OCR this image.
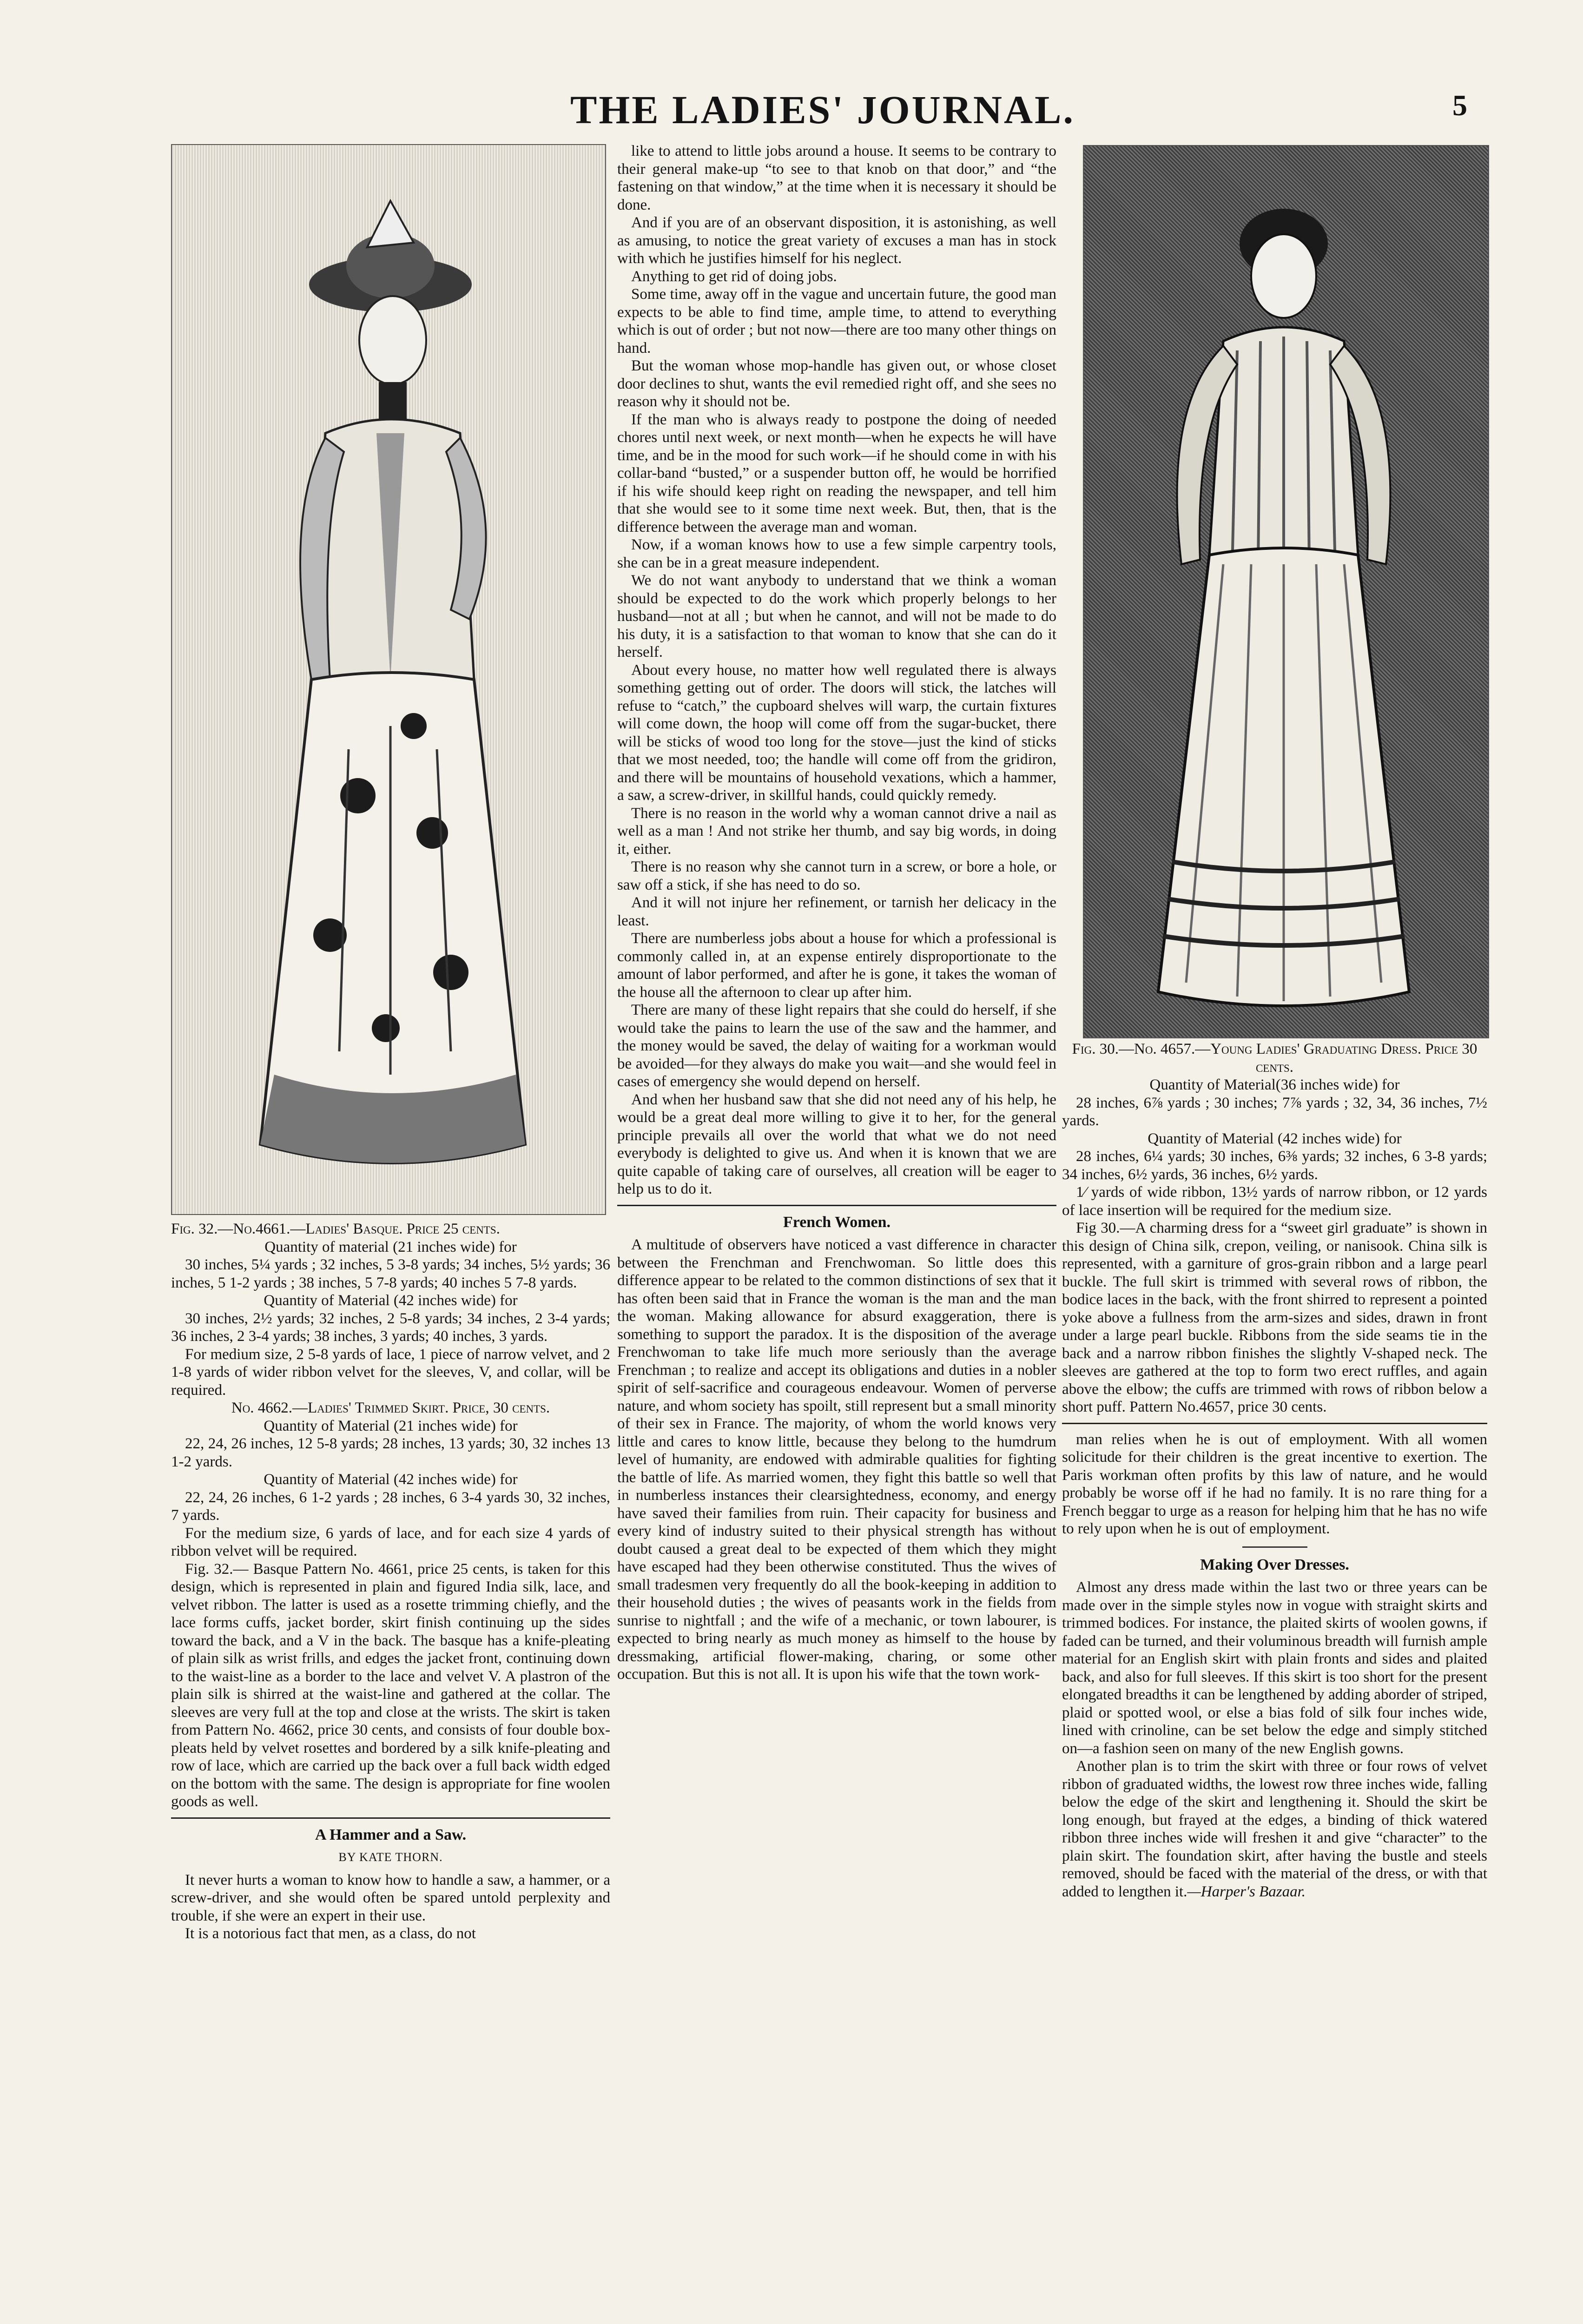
THE LADIES' JOURNAL.	5

Fig. 32.—No.4661.—Ladies' Basque. Price 25 cents.

Quantity of material (21 inches wide) for

30 inches, 5¼ yards ; 32 inches, 5 3-8 yards; 34 inches, 5½ yards; 36 inches, 5 1-2 yards ; 38 inches, 5 7-8 yards; 40 inches 5 7-8 yards.

Quantity of Material (42 inches wide) for

30 inches, 2½ yards; 32 inches, 2 5-8 yards; 34 inches, 2 3-4 yards; 36 inches, 2 3-4 yards; 38 inches, 3 yards; 40 inches, 3 yards.

For medium size, 2 5-8 yards of lace, 1 piece of narrow velvet, and 2 1-8 yards of wider ribbon velvet for the sleeves, V, and collar, will be required.

No. 4662.—Ladies' Trimmed Skirt. Price, 30 cents.

Quantity of Material (21 inches wide) for

22, 24, 26 inches, 12 5-8 yards; 28 inches, 13 yards; 30, 32 inches 13 1-2 yards.

Quantity of Material (42 inches wide) for

22, 24, 26 inches, 6 1-2 yards ; 28 inches, 6 3-4 yards 30, 32 inches, 7 yards.

For the medium size, 6 yards of lace, and for each size 4 yards of ribbon velvet will be required.

Fig. 32.— Basque Pattern No. 4661, price 25 cents, is taken for this design, which is represented in plain and figured India silk, lace, and velvet ribbon. The latter is used as a rosette trimming chiefly, and the lace forms cuffs, jacket border, skirt finish continuing up the sides toward the back, and a V in the back. The basque has a knife-pleating of plain silk as wrist frills, and edges the jacket front, continuing down to the waist-line as a border to the lace and velvet V. A plastron of the plain silk is shirred at the waist-line and gathered at the collar. The sleeves are very full at the top and close at the wrists. The skirt is taken from Pattern No. 4662, price 30 cents, and consists of four double box-pleats held by velvet rosettes and bordered by a silk knife-pleating and row of lace, which are carried up the back over a full back width edged on the bottom with the same. The design is appropriate for fine woolen goods as well.

A Hammer and a Saw.
BY KATE THORN.

It never hurts a woman to know how to handle a saw, a hammer, or a screw-driver, and she would often be spared untold perplexity and trouble, if she were an expert in their use.

It is a notorious fact that men, as a class, do not

like to attend to little jobs around a house. It seems to be contrary to their general make-up “to see to that knob on that door,” and “the fastening on that window,” at the time when it is necessary it should be done.

And if you are of an observant disposition, it is astonishing, as well as amusing, to notice the great variety of excuses a man has in stock with which he justifies himself for his neglect.

Anything to get rid of doing jobs.

Some time, away off in the vague and uncertain future, the good man expects to be able to find time, ample time, to attend to everything which is out of order ; but not now—there are too many other things on hand.

But the woman whose mop-handle has given out, or whose closet door declines to shut, wants the evil remedied right off, and she sees no reason why it should not be.

If the man who is always ready to postpone the doing of needed chores until next week, or next month—when he expects he will have time, and be in the mood for such work—if he should come in with his collar-band “busted,” or a suspender button off, he would be horrified if his wife should keep right on reading the newspaper, and tell him that she would see to it some time next week. But, then, that is the difference between the average man and woman.

Now, if a woman knows how to use a few simple carpentry tools, she can be in a great measure independent.

We do not want anybody to understand that we think a woman should be expected to do the work which properly belongs to her husband—not at all ; but when he cannot, and will not be made to do his duty, it is a satisfaction to that woman to know that she can do it herself.

About every house, no matter how well regulated there is always something getting out of order. The doors will stick, the latches will refuse to “catch,” the cupboard shelves will warp, the curtain fixtures will come down, the hoop will come off from the sugar-bucket, there will be sticks of wood too long for the stove—just the kind of sticks that we most needed, too; the handle will come off from the gridiron, and there will be mountains of household vexations, which a hammer, a saw, a screw-driver, in skillful hands, could quickly remedy.

There is no reason in the world why a woman cannot drive a nail as well as a man ! And not strike her thumb, and say big words, in doing it, either.

There is no reason why she cannot turn in a screw, or bore a hole, or saw off a stick, if she has need to do so.

And it will not injure her refinement, or tarnish her delicacy in the least.

There are numberless jobs about a house for which a professional is commonly called in, at an expense entirely disproportionate to the amount of labor performed, and after he is gone, it takes the woman of the house all the afternoon to clear up after him.

There are many of these light repairs that she could do herself, if she would take the pains to learn the use of the saw and the hammer, and the money would be saved, the delay of waiting for a workman would be avoided—for they always do make you wait—and she would feel in cases of emergency she would depend on herself.

And when her husband saw that she did not need any of his help, he would be a great deal more willing to give it to her, for the general principle prevails all over the world that what we do not need everybody is delighted to give us. And when it is known that we are quite capable of taking care of ourselves, all creation will be eager to help us to do it.

French Women.

A multitude of observers have noticed a vast difference in character between the Frenchman and Frenchwoman. So little does this difference appear to be related to the common distinctions of sex that it has often been said that in France the woman is the man and the man the woman. Making allowance for absurd exaggeration, there is something to support the paradox. It is the disposition of the average Frenchwoman to take life much more seriously than the average Frenchman ; to realize and accept its obligations and duties in a nobler spirit of self-sacrifice and courageous endeavour. Women of perverse nature, and whom society has spoilt, still represent but a small minority of their sex in France. The majority, of whom the world knows very little and cares to know little, because they belong to the humdrum level of humanity, are endowed with admirable qualities for fighting the battle of life. As married women, they fight this battle so well that in numberless instances their clearsightedness, economy, and energy have saved their families from ruin. Their capacity for business and every kind of industry suited to their physical strength has without doubt caused a great deal to be expected of them which they might have escaped had they been otherwise constituted. Thus the wives of small tradesmen very frequently do all the book-keeping in addition to their household duties ; the wives of peasants work in the fields from sunrise to nightfall ; and the wife of a mechanic, or town labourer, is expected to bring nearly as much money as himself to the house by dressmaking, artificial flower-making, charing, or some other occupation. But this is not all. It is upon his wife that the town work-

Fig. 30.—No. 4657.—Young Ladies' Graduating Dress. Price 30 cents.

Quantity of Material(36 inches wide) for

28 inches, 6⅞ yards ; 30 inches; 7⅞ yards ; 32, 34, 36 inches, 7½ yards.

Quantity of Material (42 inches wide) for

28 inches, 6¼ yards; 30 inches, 6⅜ yards; 32 inches, 6 3-8 yards; 34 inches, 6½ yards, 36 inches, 6½ yards.

1⁄ yards of wide ribbon, 13½ yards of narrow ribbon, or 12 yards of lace insertion will be required for the medium size.

Fig 30.—A charming dress for a “sweet girl graduate” is shown in this design of China silk, crepon, veiling, or nanisook. China silk is represented, with a garniture of gros-grain ribbon and a large pearl buckle. The full skirt is trimmed with several rows of ribbon, the bodice laces in the back, with the front shirred to represent a pointed yoke above a fullness from the arm-sizes and sides, drawn in front under a large pearl buckle. Ribbons from the side seams tie in the back and a narrow ribbon finishes the slightly V-shaped neck. The sleeves are gathered at the top to form two erect ruffles, and again above the elbow; the cuffs are trimmed with rows of ribbon below a short puff. Pattern No.4657, price 30 cents.

man relies when he is out of employment. With all women solicitude for their children is the great incentive to exertion. The Paris workman often profits by this law of nature, and he would probably be worse off if he had no family. It is no rare thing for a French beggar to urge as a reason for helping him that he has no wife to rely upon when he is out of employment.

Making Over Dresses.

Almost any dress made within the last two or three years can be made over in the simple styles now in vogue with straight skirts and trimmed bodices. For instance, the plaited skirts of woolen gowns, if faded can be turned, and their voluminous breadth will furnish ample material for an English skirt with plain fronts and sides and plaited back, and also for full sleeves. If this skirt is too short for the present elongated breadths it can be lengthened by adding aborder of striped, plaid or spotted wool, or else a bias fold of silk four inches wide, lined with crinoline, can be set below the edge and simply stitched on—a fashion seen on many of the new English gowns.

Another plan is to trim the skirt with three or four rows of velvet ribbon of graduated widths, the lowest row three inches wide, falling below the edge of the skirt and lengthening it. Should the skirt be long enough, but frayed at the edges, a binding of thick watered ribbon three inches wide will freshen it and give “character” to the plain skirt. The foundation skirt, after having the bustle and steels removed, should be faced with the material of the dress, or with that added to lengthen it.—Harper's Bazaar.
